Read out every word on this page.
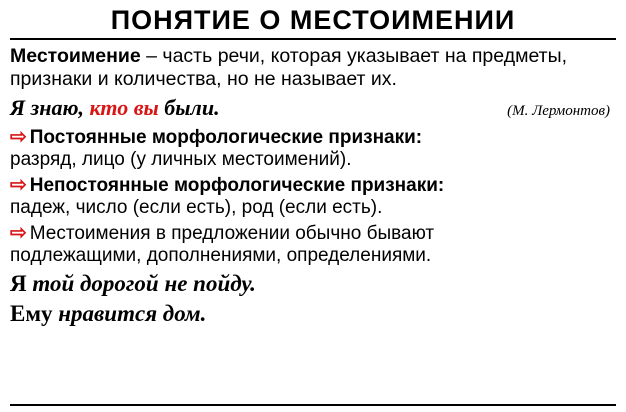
ПОНЯТИЕ О МЕСТОИМЕНИИ

Местоимение – часть речи, которая указывает на предметы, признаки и количества, но не называет их.

Я знаю, кто вы были.	(М. Лермонтов)
⇨ Постоянные морфологические признаки:
разряд, лицо (у личных местоимений).
⇨ Непостоянные морфологические признаки:
падеж, число (если есть), род (если есть).
⇨ Местоимения в предложении обычно бывают
подлежащими, дополнениями, определениями.
Я той дорогой не пойду.
Ему нравится дом.
